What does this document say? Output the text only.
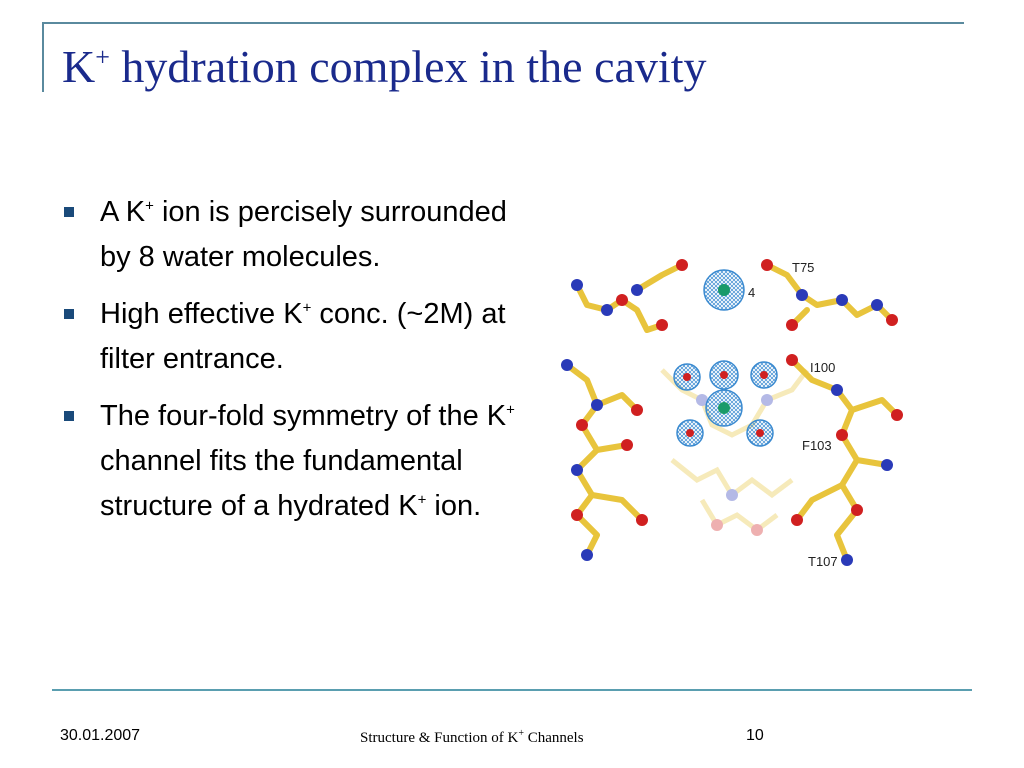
K+ hydration complex in the cavity
A K+ ion is percisely surrounded by 8 water molecules.
High effective K+ conc. (~2M) at filter entrance.
The four-fold symmetry of the K+ channel fits the fundamental structure of a hydrated K+ ion.
T75
4
I100
F103
T107
30.01.2007	Structure & Function of K+ Channels	10
